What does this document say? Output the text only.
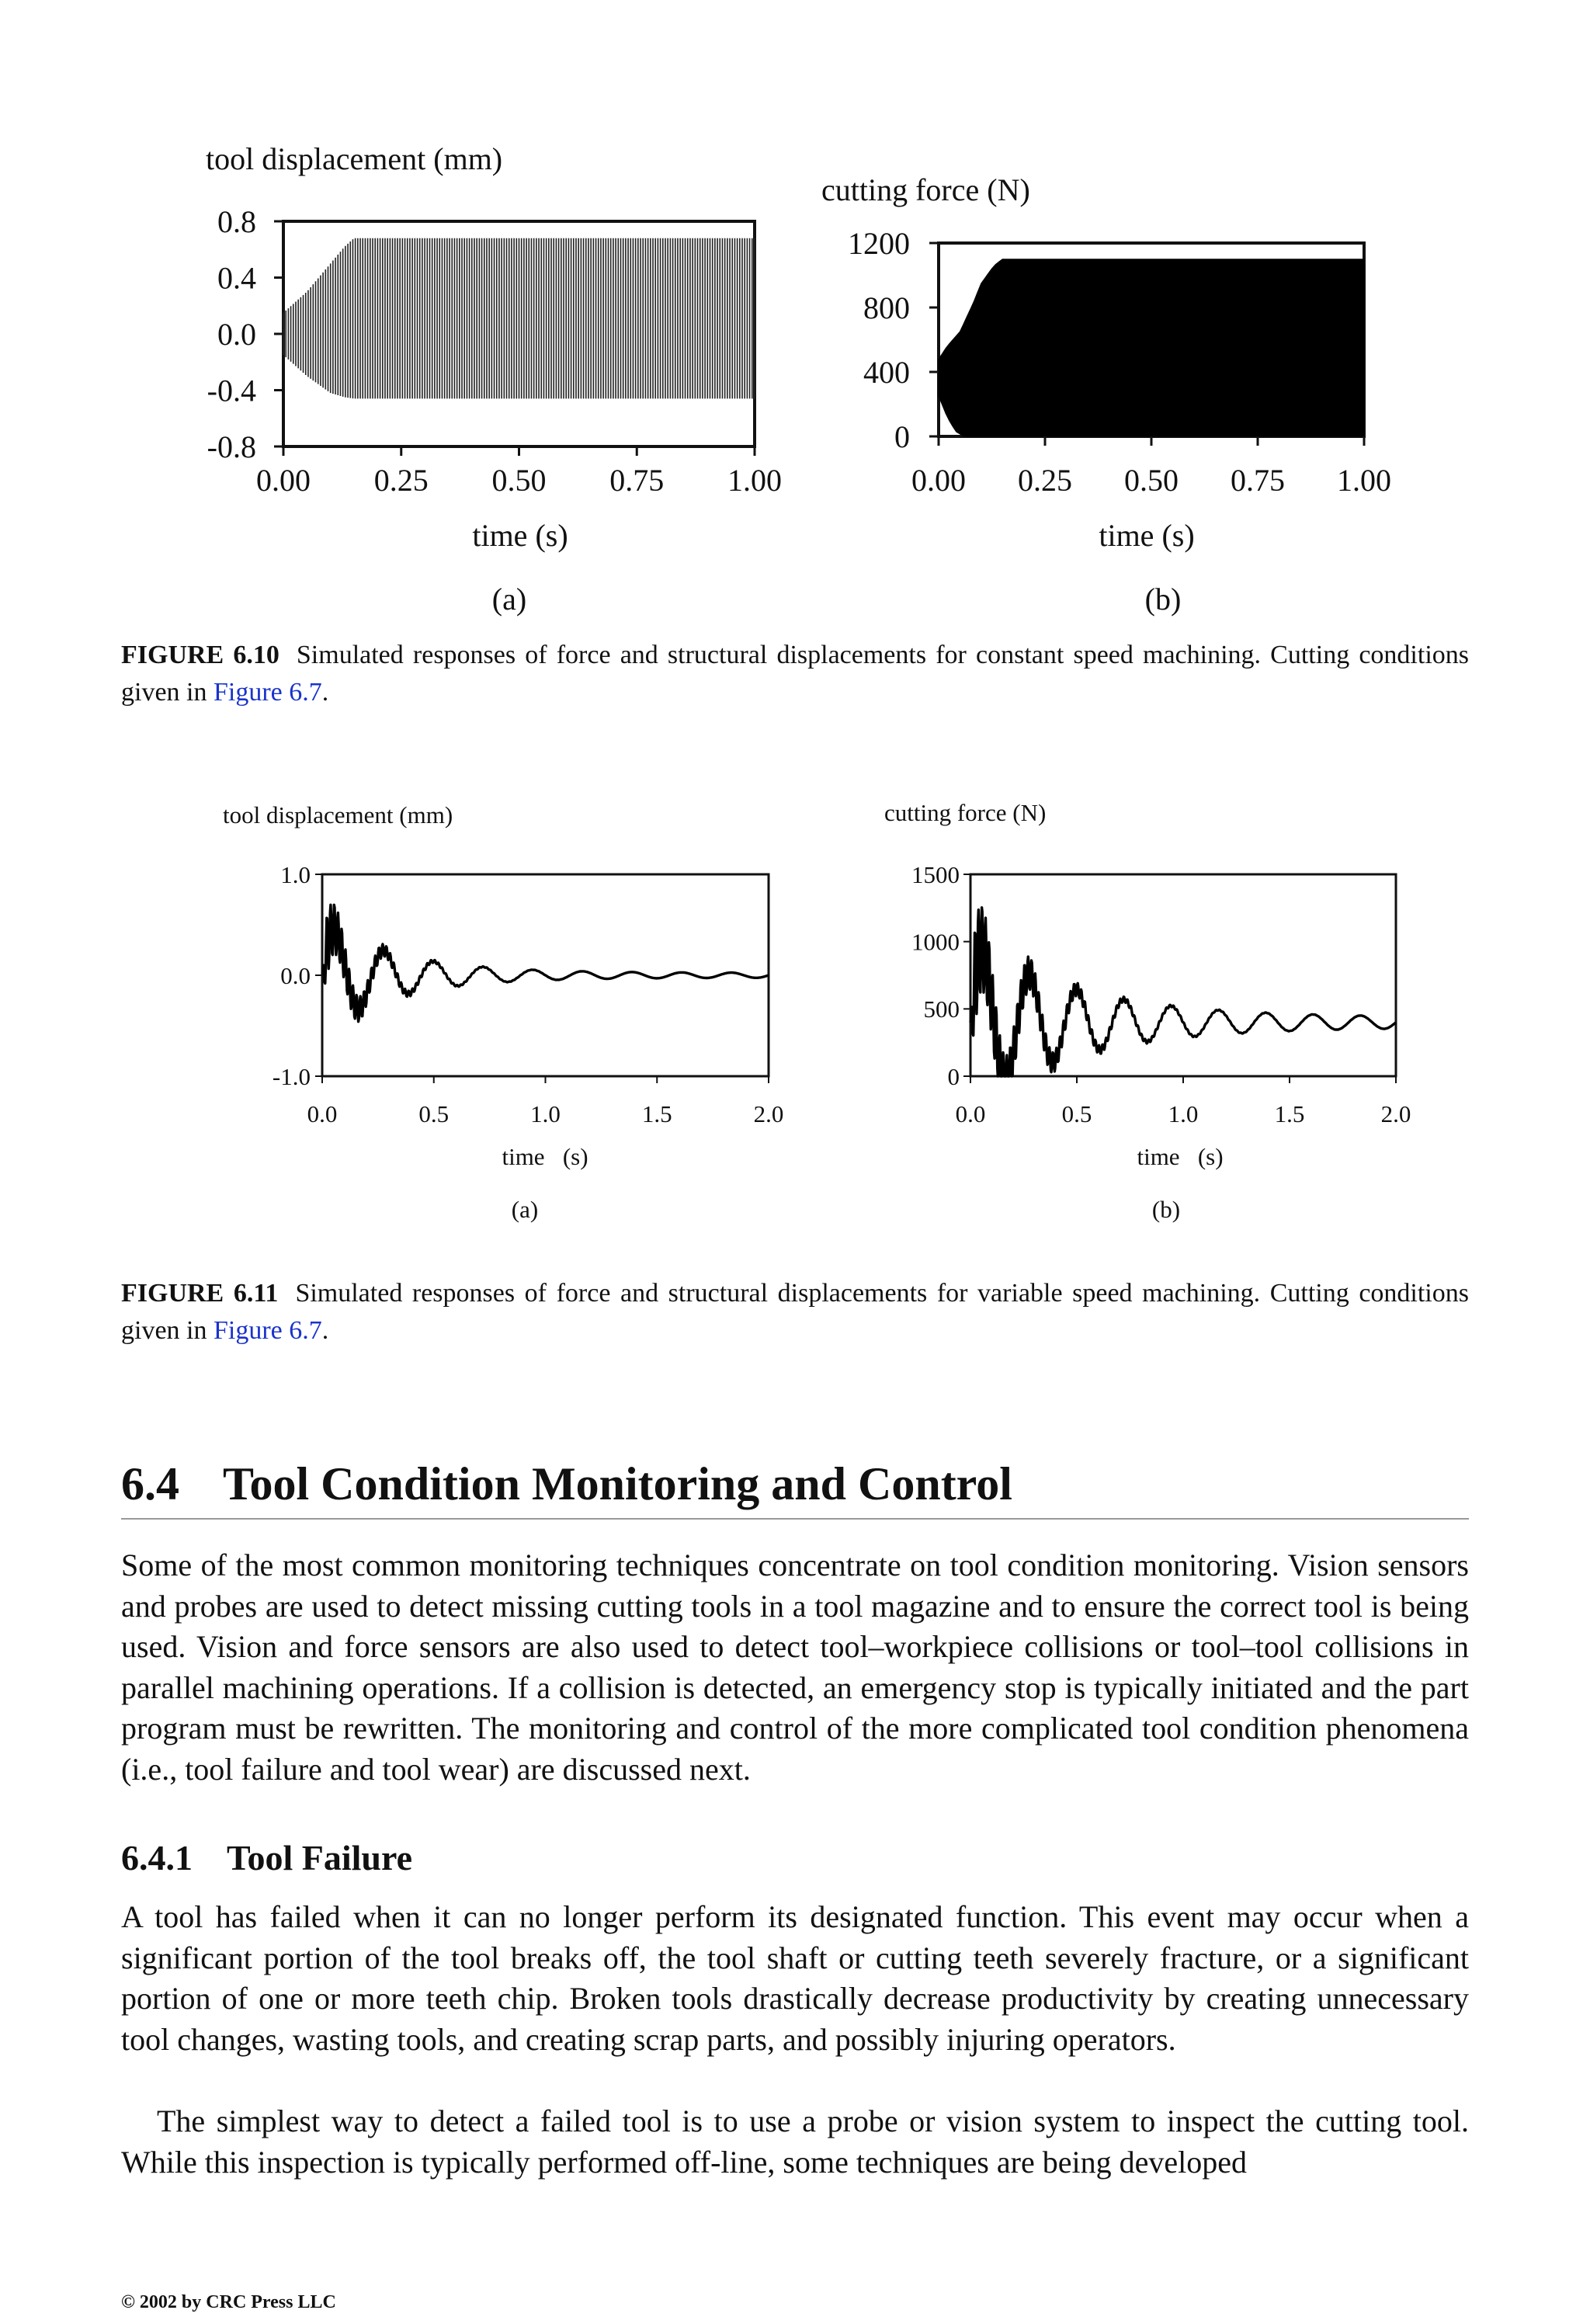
tool displacement (mm)
0.8
0.4
0.0
-0.4
-0.8
0.00 0.25 0.50 0.75 1.00
time (s)
(a)
cutting force (N)
1200
800
400
0
0.00 0.25 0.50 0.75 1.00
time (s)
(b)
FIGURE 6.10 Simulated responses of force and structural displacements for constant speed machining. Cutting conditions given in Figure 6.7.
tool displacement (mm)
1.0
0.0
-1.0
0.0	0.5	1.0	1.5	2.0
time   (s)
(a)
cutting force (N)
1500
1000
500
0
0.0	0.5	1.0	1.5	2.0
time   (s)
(b)
FIGURE 6.11 Simulated responses of force and structural displacements for variable speed machining. Cutting conditions given in Figure 6.7.
6.4 Tool Condition Monitoring and Control

Some of the most common monitoring techniques concentrate on tool condition monitoring. Vision sensors and probes are used to detect missing cutting tools in a tool magazine and to ensure the correct tool is being used. Vision and force sensors are also used to detect tool–workpiece collisions or tool–tool collisions in parallel machining operations. If a collision is detected, an emergency stop is typically initiated and the part program must be rewritten. The monitoring and control of the more complicated tool condition phenomena (i.e., tool failure and tool wear) are discussed next.

6.4.1 Tool Failure

A tool has failed when it can no longer perform its designated function. This event may occur when a significant portion of the tool breaks off, the tool shaft or cutting teeth severely fracture, or a significant portion of one or more teeth chip. Broken tools drastically decrease productivity by creating unnecessary tool changes, wasting tools, and creating scrap parts, and possibly injuring operators.

The simplest way to detect a failed tool is to use a probe or vision system to inspect the cutting tool. While this inspection is typically performed off-line, some techniques are being developed

© 2002 by CRC Press LLC
